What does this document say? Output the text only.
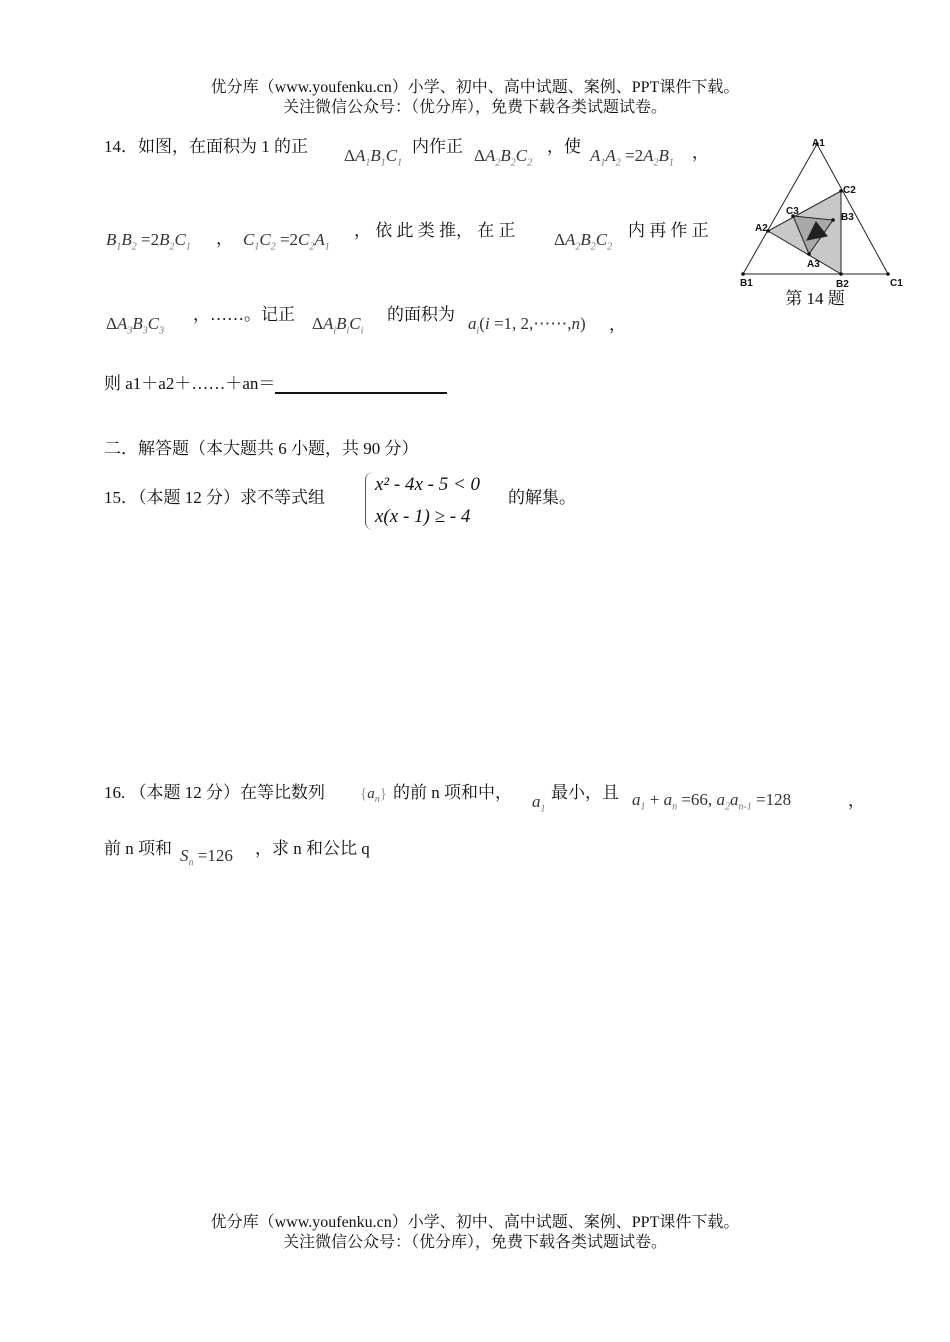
优分库（www.youfenku.cn）小学、初中、高中试题、案例、PPT课件下载。
关注微信公众号：（优分库），免费下载各类试题试卷。
14．如图，在面积为 1 的正 $\Delta A_1B_1C_1$
内作正 $\Delta A_2B_2C_2$
，使 $A_1A_2 =2A_2B_1$
，
$B_1B_2 =2B_2C_1$ ， $C_1C_2 =2C_2A_1$
， 依 此 类 推， 在 正 $\Delta A_2B_2C_2$
内 再 作 正
$\Delta A_3B_3C_3$
，……。记正 $\Delta A_iB_iC_i$
的面积为 $a_i(i =1$, 2,⋯⋯,n) ，
则 a1＋a2＋……＋an＝
A1
B1	C1
A2
B2
C2
A3
B3
C3
第 14 题
二．解答题（本大题共 6 小题，共 90 分）
15．（本题 12 分）求不等式组
x² - 4x - 5 < 0
x(x - 1) ≥ - 4
的解集。
16. （本题 12 分）在等比数列 $\{a_n\}$ 的前 n 项和中， $a_1$
最小，且 $a_1 + a_n =66$, $a_2a_{n-1} =128$	，
前 n 项和 $S_n =126$ ，求 n 和公比 q
优分库（www.youfenku.cn）小学、初中、高中试题、案例、PPT课件下载。
关注微信公众号：（优分库），免费下载各类试题试卷。
